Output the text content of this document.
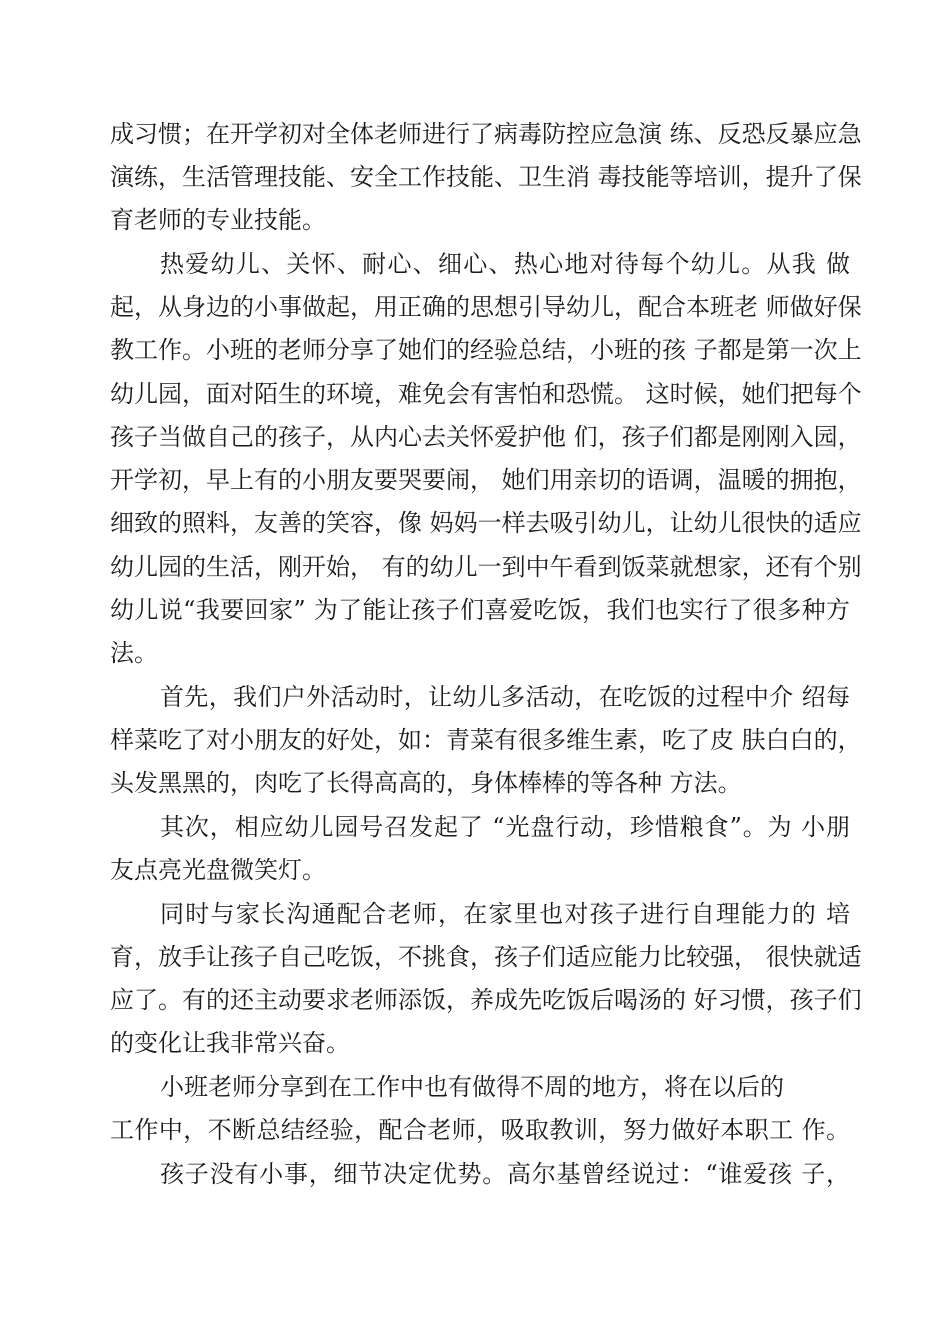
成习惯；在开学初对全体老师进行了病毒防控应急演 练、反恐反暴应急
演练，生活管理技能、安全工作技能、卫生消 毒技能等培训，提升了保
育老师的专业技能。
热爱幼儿、关怀、耐心、细心、热心地对待每个幼儿。从我 做
起，从身边的小事做起，用正确的思想引导幼儿，配合本班老 师做好保
教工作。小班的老师分享了她们的经验总结，小班的孩 子都是第一次上
幼儿园，面对陌生的环境，难免会有害怕和恐慌。 这时候，她们把每个
孩子当做自己的孩子，从内心去关怀爱护他 们，孩子们都是刚刚入园，
开学初，早上有的小朋友要哭要闹， 她们用亲切的语调，温暖的拥抱，
细致的照料，友善的笑容，像 妈妈一样去吸引幼儿，让幼儿很快的适应
幼儿园的生活，刚开始， 有的幼儿一到中午看到饭菜就想家，还有个别
幼儿说“我要回家” 为了能让孩子们喜爱吃饭，我们也实行了很多种方
法。
首先，我们户外活动时，让幼儿多活动，在吃饭的过程中介 绍每
样菜吃了对小朋友的好处，如：青菜有很多维生素，吃了皮 肤白白的，
头发黑黑的，肉吃了长得高高的，身体棒棒的等各种 方法。
其次，相应幼儿园号召发起了 “光盘行动，珍惜粮食”。为 小朋
友点亮光盘微笑灯。
同时与家长沟通配合老师，在家里也对孩子进行自理能力的 培
育，放手让孩子自己吃饭，不挑食，孩子们适应能力比较强， 很快就适
应了。有的还主动要求老师添饭，养成先吃饭后喝汤的 好习惯，孩子们
的变化让我非常兴奋。
小班老师分享到在工作中也有做得不周的地方，将在以后的
工作中，不断总结经验，配合老师，吸取教训，努力做好本职工 作。
孩子没有小事，细节决定优势。高尔基曾经说过：“谁爱孩 子，
